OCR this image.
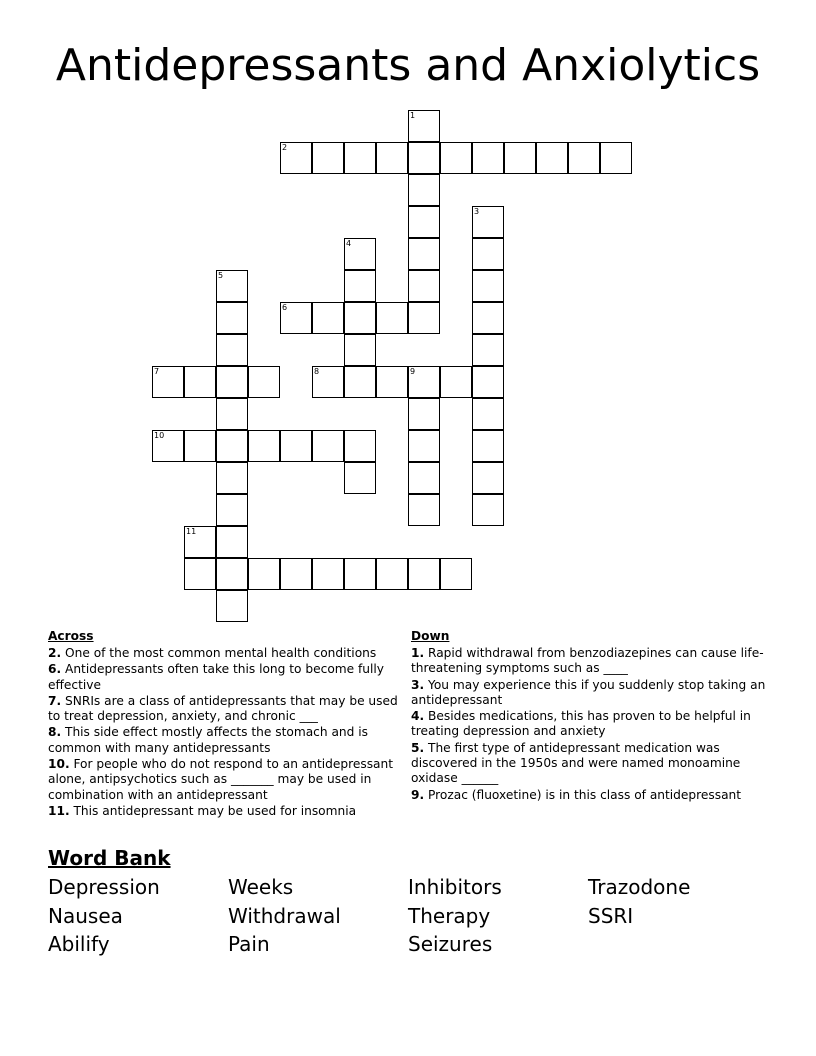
Antidepressants and Anxiolytics
2
1
3
6
7	8
10
4
5
9
11
Across

2. One of the most common mental health conditions

6. Antidepressants often take this long to become fully effective

7. SNRIs are a class of antidepressants that may be used to treat depression, anxiety, and chronic ___

8. This side effect mostly affects the stomach and is common with many antidepressants

10. For people who do not respond to an antidepressant alone, antipsychotics such as _______ may be used in combination with an antidepressant

11. This antidepressant may be used for insomnia

Down

1. Rapid withdrawal from benzodiazepines can cause life-threatening symptoms such as ____

3. You may experience this if you suddenly stop taking an antidepressant

4. Besides medications, this has proven to be helpful in treating depression and anxiety

5. The first type of antidepressant medication was discovered in the 1950s and were named monoamine oxidase ______

9. Prozac (fluoxetine) is in this class of antidepressant

Word Bank
Depression	Weeks	Inhibitors	Trazodone
Nausea	Withdrawal	Therapy	SSRI
Abilify	Pain	Seizures
